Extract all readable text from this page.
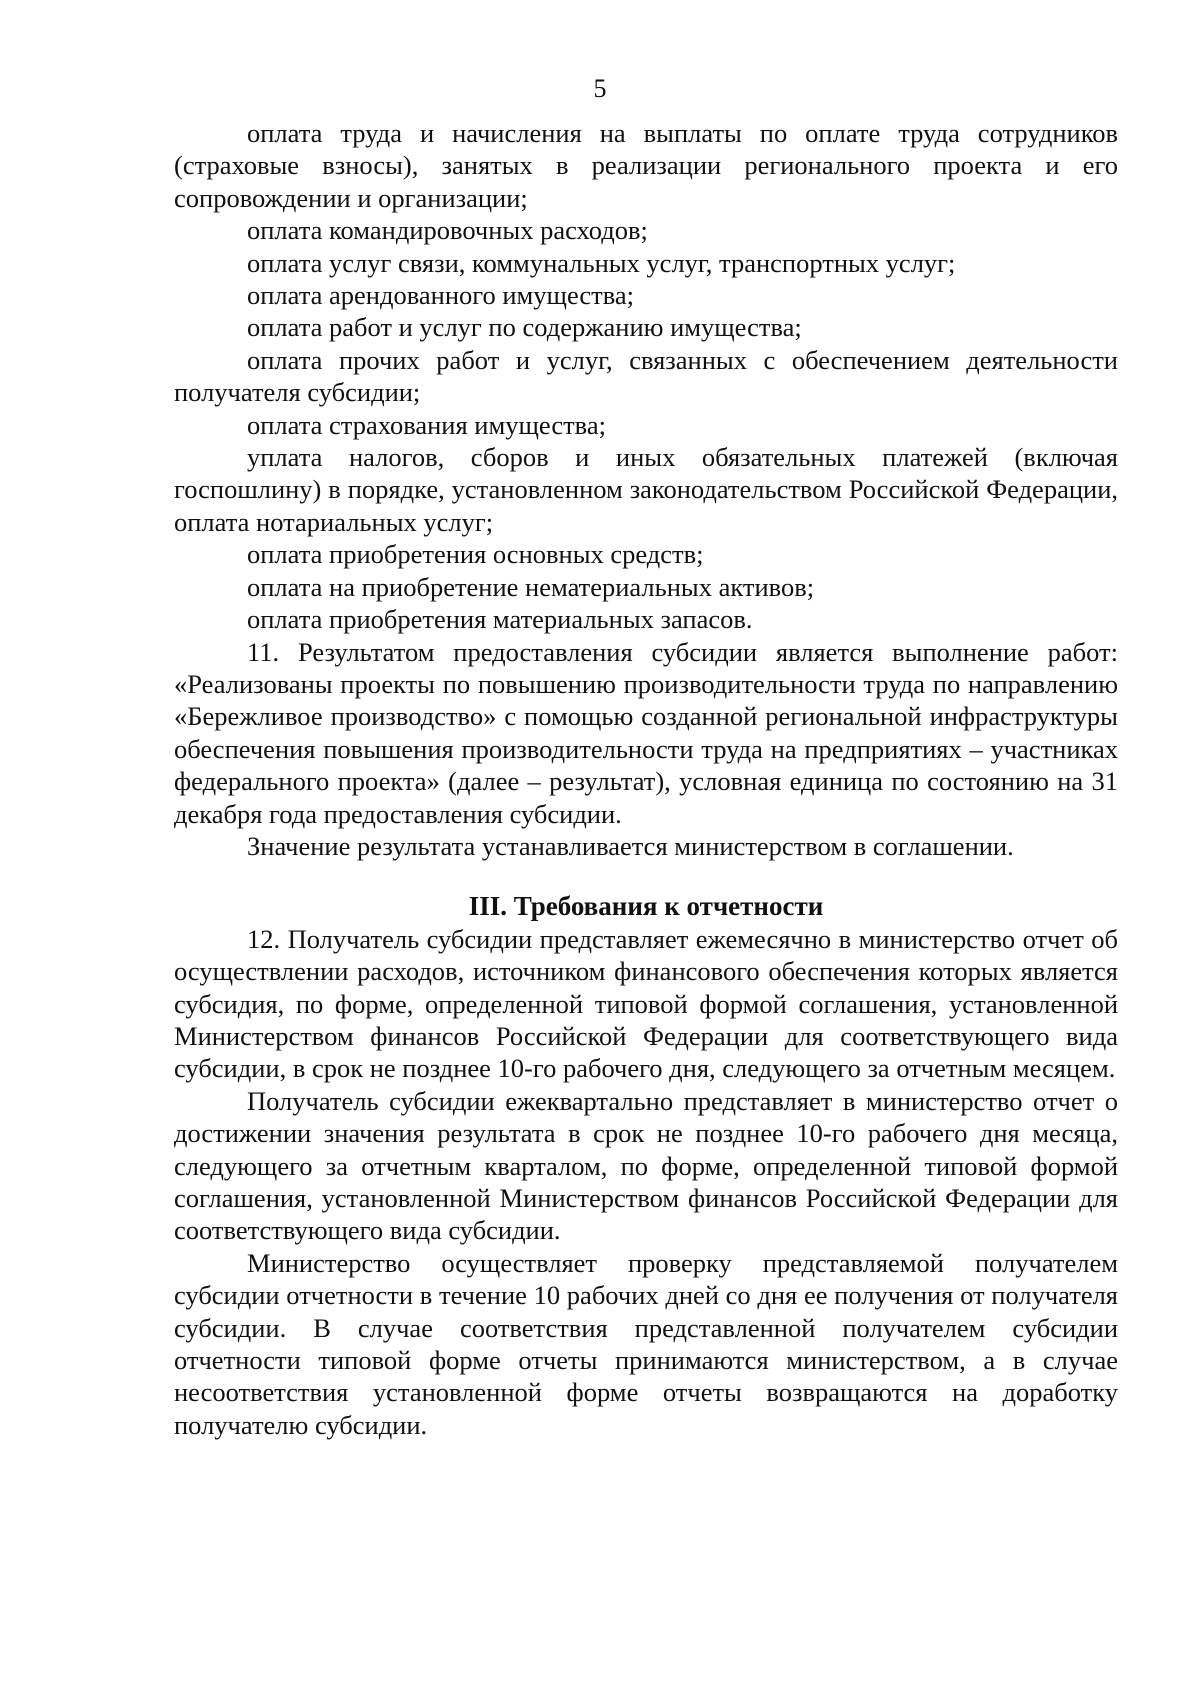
5

оплата труда и начисления на выплаты по оплате труда сотрудников (страховые взносы), занятых в реализации регионального проекта и его сопровождении и организации;

оплата командировочных расходов;

оплата услуг связи, коммунальных услуг, транспортных услуг;

оплата арендованного имущества;

оплата работ и услуг по содержанию имущества;

оплата прочих работ и услуг, связанных с обеспечением деятельности получателя субсидии;

оплата страхования имущества;

уплата налогов, сборов и иных обязательных платежей (включая госпошлину) в порядке, установленном законодательством Российской Федерации, оплата нотариальных услуг;

оплата приобретения основных средств;

оплата на приобретение нематериальных активов;

оплата приобретения материальных запасов.

11. Результатом предоставления субсидии является выполнение работ: «Реализованы проекты по повышению производительности труда по направлению «Бережливое производство» с помощью созданной региональной инфраструктуры обеспечения повышения производительности труда на предприятиях – участниках федерального проекта» (далее – результат), условная единица по состоянию на 31 декабря года предоставления субсидии.

Значение результата устанавливается министерством в соглашении.

III. Требования к отчетности

12. Получатель субсидии представляет ежемесячно в министерство отчет об осуществлении расходов, источником финансового обеспечения которых является субсидия, по форме, определенной типовой формой соглашения, установленной Министерством финансов Российской Федерации для соответствующего вида субсидии, в срок не позднее 10-го рабочего дня, следующего за отчетным месяцем.

Получатель субсидии ежеквартально представляет в министерство отчет о достижении значения результата в срок не позднее 10-го рабочего дня месяца, следующего за отчетным кварталом, по форме, определенной типовой формой соглашения, установленной Министерством финансов Российской Федерации для соответствующего вида субсидии.

Министерство осуществляет проверку представляемой получателем субсидии отчетности в течение 10 рабочих дней со дня ее получения от получателя субсидии. В случае соответствия представленной получателем субсидии отчетности типовой форме отчеты принимаются министерством, а в случае несоответствия установленной форме отчеты возвращаются на доработку получателю субсидии.
